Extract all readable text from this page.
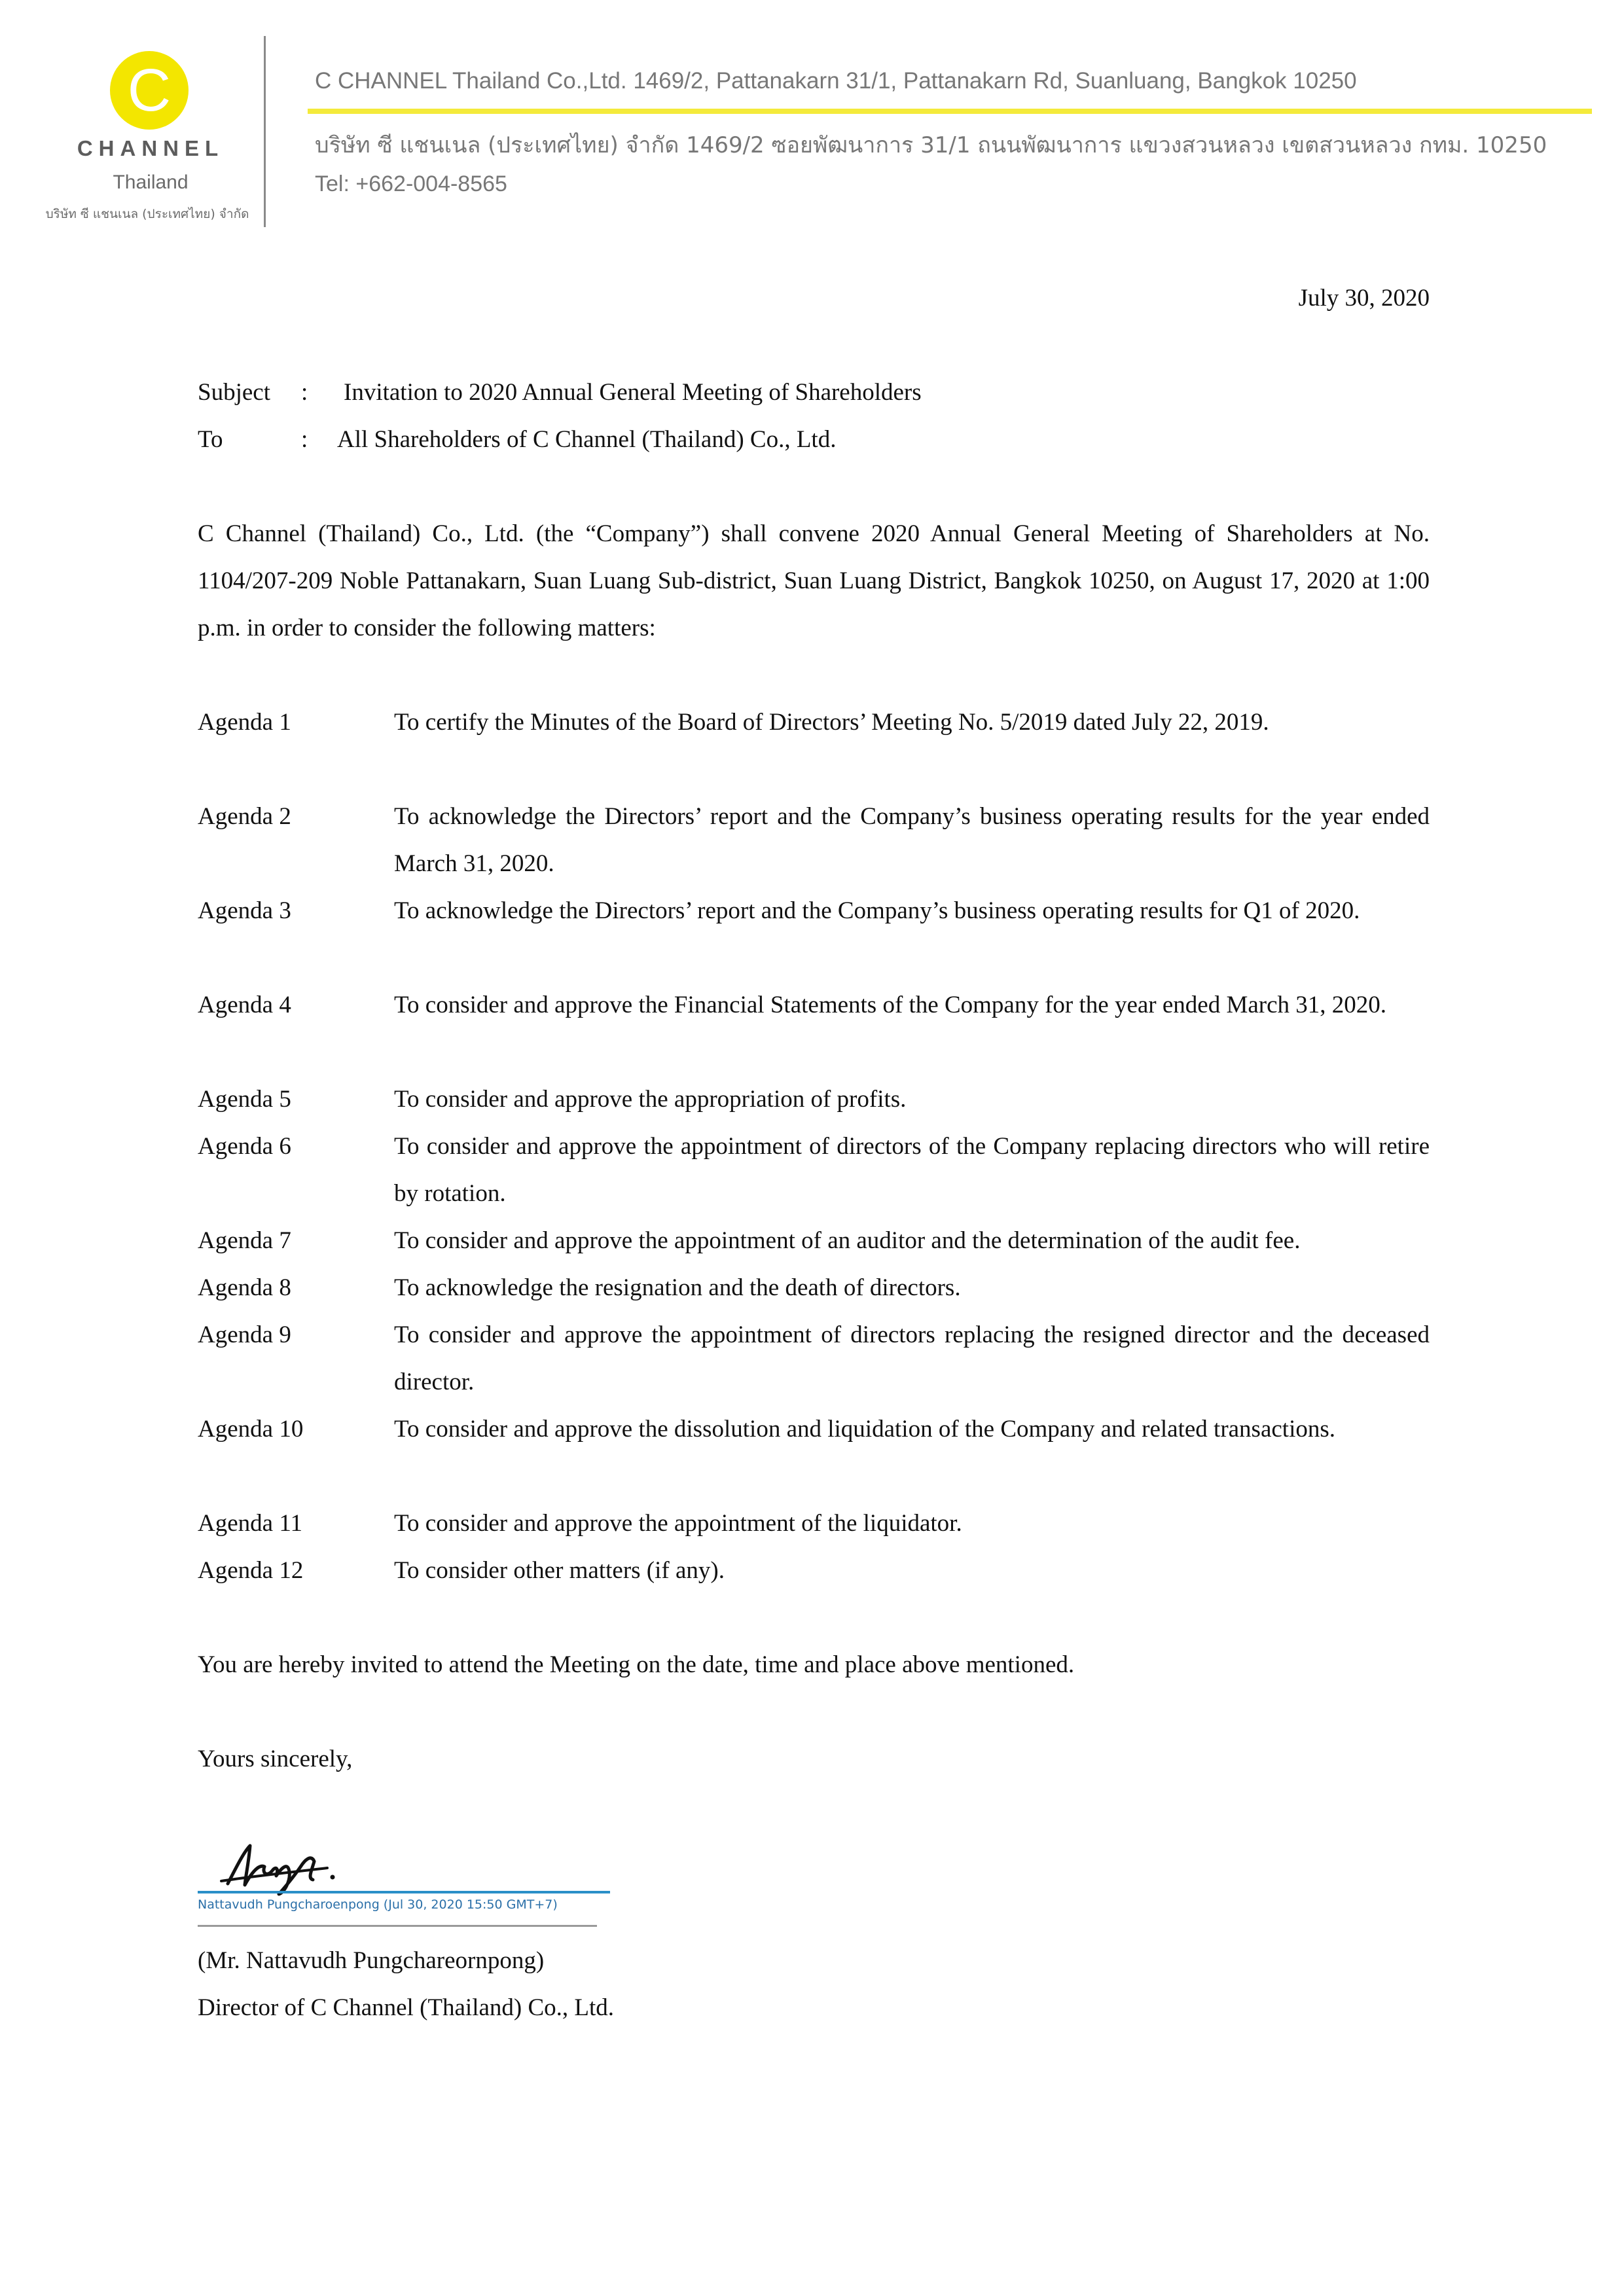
C
CHANNEL
Thailand
บริษัท ซี แชนเนล (ประเทศไทย) จำกัด
C CHANNEL Thailand Co.,Ltd. 1469/2, Pattanakarn 31/1, Pattanakarn Rd, Suanluang, Bangkok 10250
บริษัท ซี แชนเนล (ประเทศไทย) จำกัด 1469/2 ซอยพัฒนาการ 31/1 ถนนพัฒนาการ แขวงสวนหลวง เขตสวนหลวง กทม. 10250
Tel: +662-004-8565
July 30, 2020
Subject : Invitation to 2020 Annual General Meeting of Shareholders
To	: All Shareholders of C Channel (Thailand) Co., Ltd.
C Channel (Thailand) Co., Ltd. (the “Company”) shall convene 2020 Annual General Meeting of Shareholders at No. 1104/207-209 Noble Pattanakarn, Suan Luang Sub-district, Suan Luang District, Bangkok 10250, on August 17, 2020 at 1:00 p.m. in order to consider the following matters:
Agenda 1	To certify the Minutes of the Board of Directors’ Meeting No. 5/2019 dated July 22, 2019.
Agenda 2	To acknowledge the Directors’ report and the Company’s business operating results for the year ended March 31, 2020.
Agenda 3	To acknowledge the Directors’ report and the Company’s business operating results for Q1 of 2020.
Agenda 4	To consider and approve the Financial Statements of the Company for the year ended March 31, 2020.
Agenda 5	To consider and approve the appropriation of profits.
Agenda 6	To consider and approve the appointment of directors of the Company replacing directors who will retire by rotation.
Agenda 7	To consider and approve the appointment of an auditor and the determination of the audit fee.
Agenda 8	To acknowledge the resignation and the death of directors.
Agenda 9	To consider and approve the appointment of directors replacing the resigned director and the deceased director.
Agenda 10	To consider and approve the dissolution and liquidation of the Company and related transactions.
Agenda 11	To consider and approve the appointment of the liquidator.
Agenda 12	To consider other matters (if any).
You are hereby invited to attend the Meeting on the date, time and place above mentioned.
Yours sincerely,
Nattavudh Pungcharoenpong (Jul 30, 2020 15:50 GMT+7)
(Mr. Nattavudh Pungchareornpong)
Director of C Channel (Thailand) Co., Ltd.
